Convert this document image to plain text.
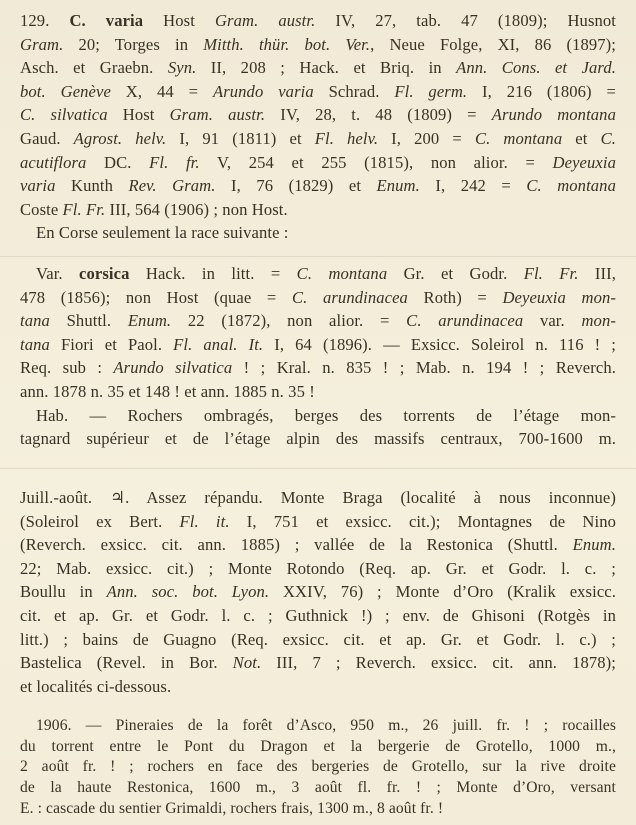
129. C. varia Host Gram. austr. IV, 27, tab. 47 (1809); Husnot
Gram. 20; Torges in Mitth. thür. bot. Ver., Neue Folge, XI, 86 (1897);
Asch. et Graebn. Syn. II, 208 ; Hack. et Briq. in Ann. Cons. et Jard.
bot. Genève X, 44 = Arundo varia Schrad. Fl. germ. I, 216 (1806) =
C. silvatica Host Gram. austr. IV, 28, t. 48 (1809) = Arundo montana
Gaud. Agrost. helv. I, 91 (1811) et Fl. helv. I, 200 = C. montana et C.
acutiflora DC. Fl. fr. V, 254 et 255 (1815), non alior. = Deyeuxia
varia Kunth Rev. Gram. I, 76 (1829) et Enum. I, 242 = C. montana
Coste Fl. Fr. III, 564 (1906) ; non Host.
En Corse seulement la race suivante :
Var. corsica Hack. in litt. = C. montana Gr. et Godr. Fl. Fr. III,
478 (1856); non Host (quae = C. arundinacea Roth) = Deyeuxia mon-
tana Shuttl. Enum. 22 (1872), non alior. = C. arundinacea var. mon-
tana Fiori et Paol. Fl. anal. It. I, 64 (1896). — Exsicc. Soleirol n. 116 ! ;
Req. sub : Arundo silvatica ! ; Kral. n. 835 ! ; Mab. n. 194 ! ; Reverch.
ann. 1878 n. 35 et 148 ! et ann. 1885 n. 35 !
Hab. — Rochers ombragés, berges des torrents de l’étage mon-
tagnard supérieur et de l’étage alpin des massifs centraux, 700-1600 m.
Juill.-août. ♃. Assez répandu. Monte Braga (localité à nous inconnue)
(Soleirol ex Bert. Fl. it. I, 751 et exsicc. cit.); Montagnes de Nino
(Reverch. exsicc. cit. ann. 1885) ; vallée de la Restonica (Shuttl. Enum.
22; Mab. exsicc. cit.) ; Monte Rotondo (Req. ap. Gr. et Godr. l. c. ;
Boullu in Ann. soc. bot. Lyon. XXIV, 76) ; Monte d’Oro (Kralik exsicc.
cit. et ap. Gr. et Godr. l. c. ; Guthnick !) ; env. de Ghisoni (Rotgès in
litt.) ; bains de Guagno (Req. exsicc. cit. et ap. Gr. et Godr. l. c.) ;
Bastelica (Revel. in Bor. Not. III, 7 ; Reverch. exsicc. cit. ann. 1878);
et localités ci-dessous.
1906. — Pineraies de la forêt d’Asco, 950 m., 26 juill. fr. ! ; rocailles
du torrent entre le Pont du Dragon et la bergerie de Grotello, 1000 m.,
2 août fr. ! ; rochers en face des bergeries de Grotello, sur la rive droite
de la haute Restonica, 1600 m., 3 août fl. fr. ! ; Monte d’Oro, versant
E. : cascade du sentier Grimaldi, rochers frais, 1300 m., 8 août fr. !
